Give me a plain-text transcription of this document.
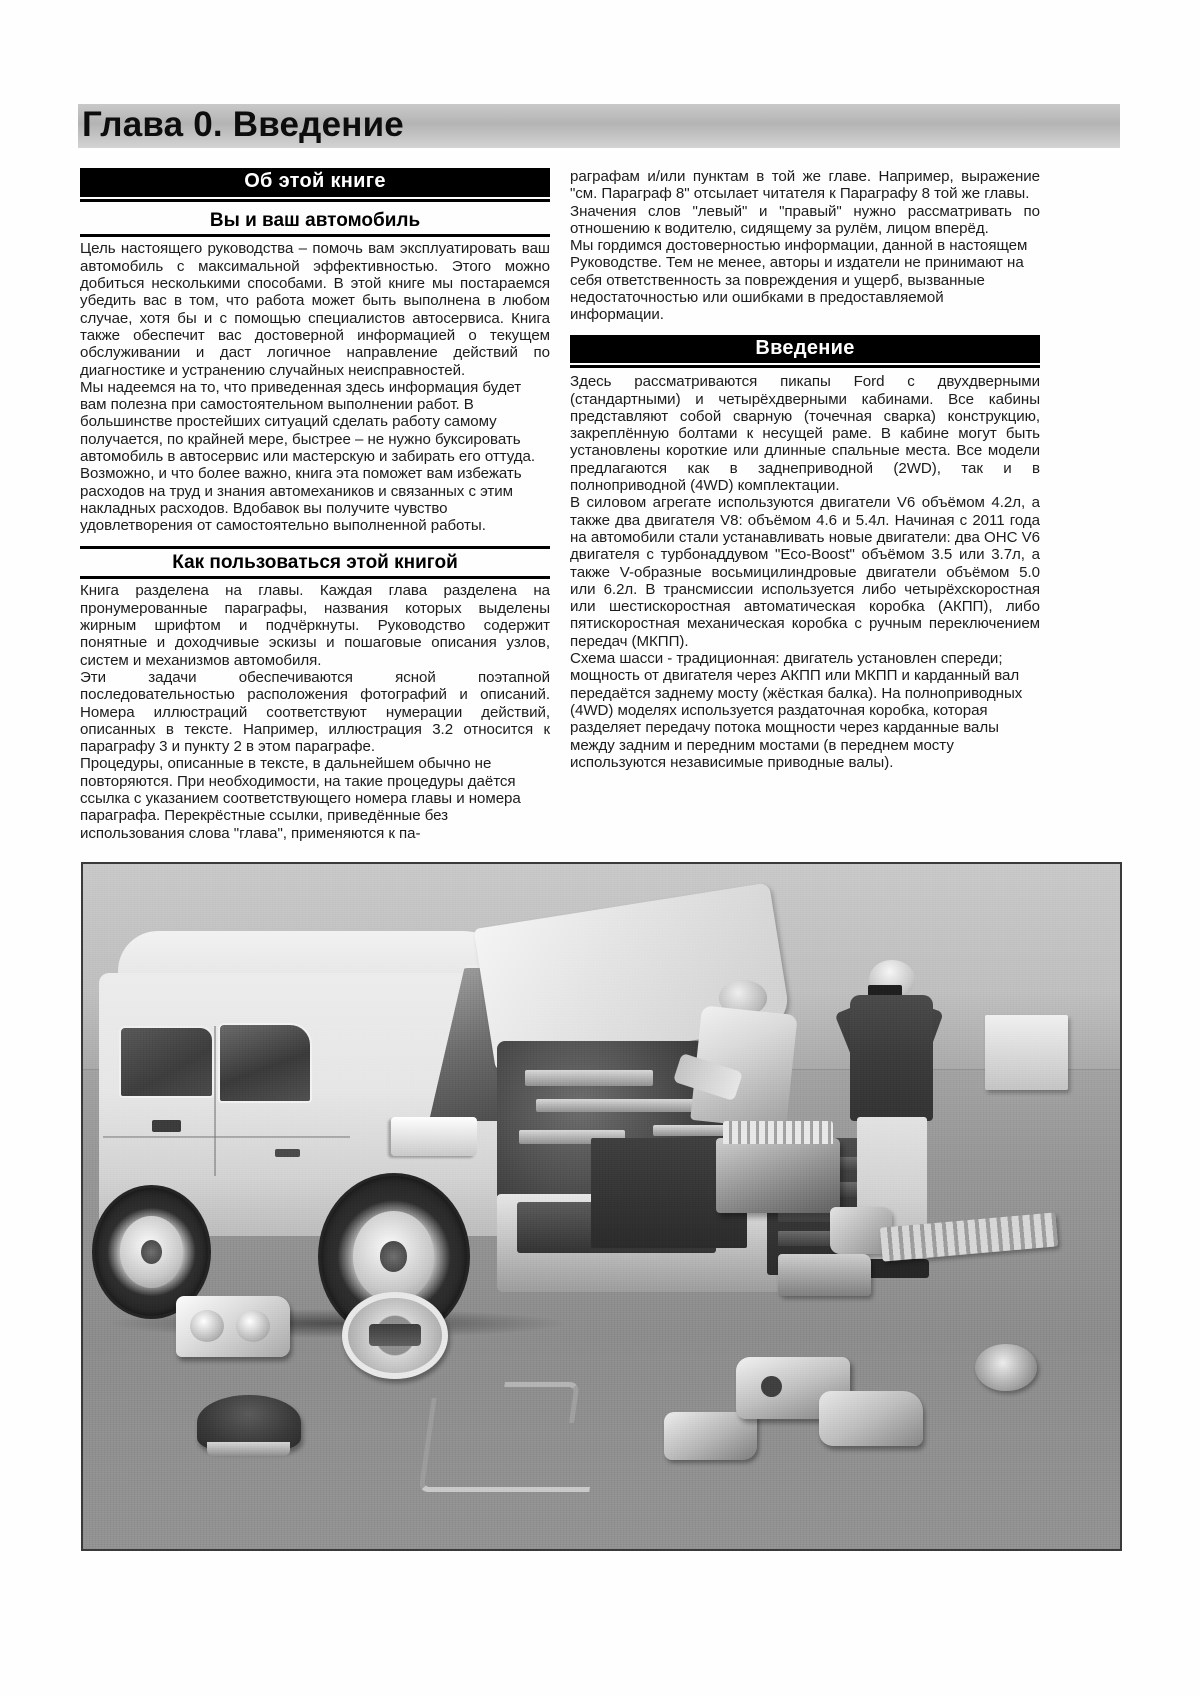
Глава 0. Введение
Об этой книге
Вы и ваш автомобиль

Цель настоящего руководства – помочь вам эксплуатировать ваш автомобиль с максимальной эффективностью. Этого можно добиться несколькими способами. В этой книге мы постараемся убедить вас в том, что работа может быть выполнена в любом случае, хотя бы и с помощью специалистов автосервиса. Книга также обеспечит вас достоверной информацией о текущем обслуживании и даст логичное направление действий по диагностике и устранению случайных неисправностей.

Мы надеемся на то, что приведенная здесь информация будет вам полезна при самостоятельном выполнении работ. В большинстве простейших ситуаций сделать работу самому получается, по крайней мере, быстрее – не нужно буксировать автомобиль в автосервис или мастерскую и забирать его оттуда. Возможно, и что более важно, книга эта поможет вам избежать расходов на труд и знания автомехаников и связанных с этим накладных расходов. Вдобавок вы получите чувство удовлетворения от самостоятельно выполненной работы.

Как пользоваться этой книгой

Книга разделена на главы. Каждая глава разделена на пронумерованные параграфы, названия которых выделены жирным шрифтом и подчёркнуты. Руководство содержит понятные и доходчивые эскизы и пошаговые описания узлов, систем и механизмов автомобиля.

Эти задачи обеспечиваются ясной поэтапной последовательностью расположения фотографий и описаний. Номера иллюстраций соответствуют нумерации действий, описанных в тексте. Например, иллюстрация 3.2 относится к параграфу 3 и пункту 2 в этом параграфе.

Процедуры, описанные в тексте, в дальнейшем обычно не повторяются. При необходимости, на такие процедуры даётся ссылка с указанием соответствующего номера главы и номера параграфа. Перекрёстные ссылки, приведённые без использования слова "глава", применяются к па-

раграфам и/или пунктам в той же главе. Например, выражение "см. Параграф 8" отсылает читателя к Параграфу 8 той же главы.

Значения слов "левый" и "правый" нужно рассматривать по отношению к водителю, сидящему за рулём, лицом вперёд.

Мы гордимся достоверностью информации, данной в настоящем Руководстве. Тем не менее, авторы и издатели не принимают на себя ответственность за повреждения и ущерб, вызванные недостаточностью или ошибками в предоставляемой информации.

Введение

Здесь рассматриваются пикапы Ford с двухдверными (стандартными) и четырёхдверными кабинами. Все кабины представляют собой сварную (точечная сварка) конструкцию, закреплённую болтами к несущей раме. В кабине могут быть установлены короткие или длинные спальные места. Все модели предлагаются как в заднеприводной (2WD), так и в полноприводной (4WD) комплектации.

В силовом агрегате используются двигатели V6 объёмом 4.2л, а также два двигателя V8: объёмом 4.6 и 5.4л. Начиная с 2011 года на автомобили стали устанавливать новые двигатели: два OHC V6 двигателя с турбонаддувом "Eco-Boost" объёмом 3.5 или 3.7л, а также V-образные восьмицилиндровые двигатели объёмом 5.0 или 6.2л. В трансмиссии используется либо четырёхскоростная или шестискоростная автоматическая коробка (АКПП), либо пятискоростная механическая коробка с ручным переключением передач (МКПП).

Схема шасси - традиционная: двигатель установлен спереди; мощность от двигателя через АКПП или МКПП и карданный вал передаётся заднему мосту (жёсткая балка). На полноприводных (4WD) моделях используется раздаточная коробка, которая разделяет передачу потока мощности через карданные валы между задним и передним мостами (в переднем мосту используются независимые приводные валы).
